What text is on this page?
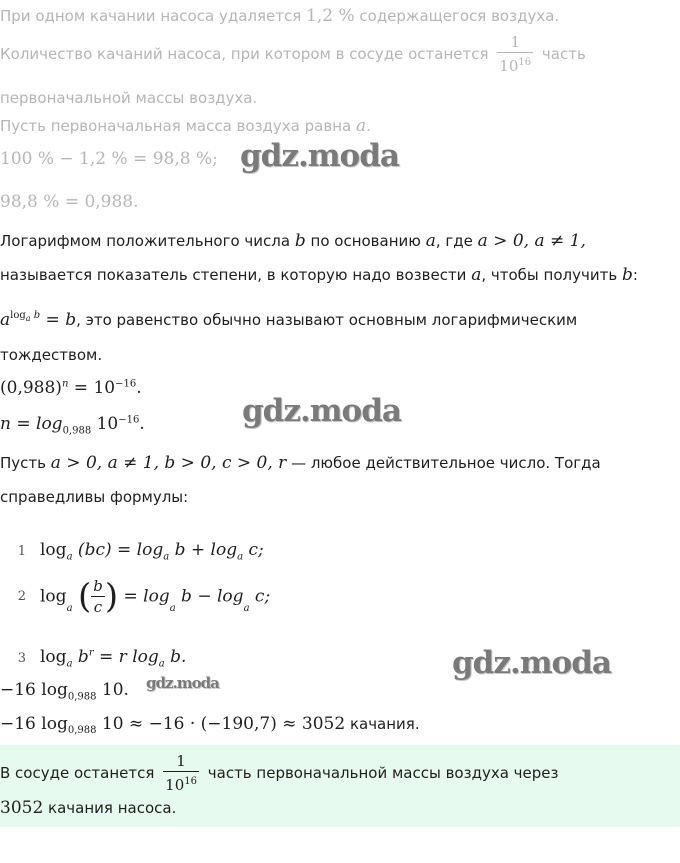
При одном качании насоса удаляется 1,2 % содержащегося воздуха.
Количество качаний насоса, при котором в сосуде останется $\frac{1}{10^{16}}$ часть
первоначальной массы воздуха.
Пусть первоначальная масса воздуха равна a.
100 % − 1,2 % = 98,8 %; gdz.moda
98,8 % = 0,988.
Логарифмом положительного числа b по основанию a, где a > 0, a ≠ 1,
называется показатель степени, в которую надо возвести a, чтобы получить b:
$a^{log_a b} = b$, это равенство обычно называют основным логарифмическим
тождеством.
$(0,988)^n = 10^{-16}$.
$n = \log_{0,988} 10^{-16}$.	gdz.moda
Пусть a > 0, a ≠ 1, b > 0, c > 0, r — любое действительное число. Тогда
справедливы формулы:
1 $\log_a (bc) = \log_a b + \log_a c$;
2 $\log_a$ ( $\frac{b}{c}$ ) = $\log_a b - \log_a c$;
3 $\log_a b^r = r$ $\log_a b$.	gdz.moda
−16 $\log_{0,988} 10$. gdz.moda
−16 $\log_{0,988} 10 \approx -16 \cdot (-190,7) \approx 3052$ качания.
В сосуде останется $\frac{1}{10^{16}}$ часть первоначальной массы воздуха через
3052 качания насоса.
